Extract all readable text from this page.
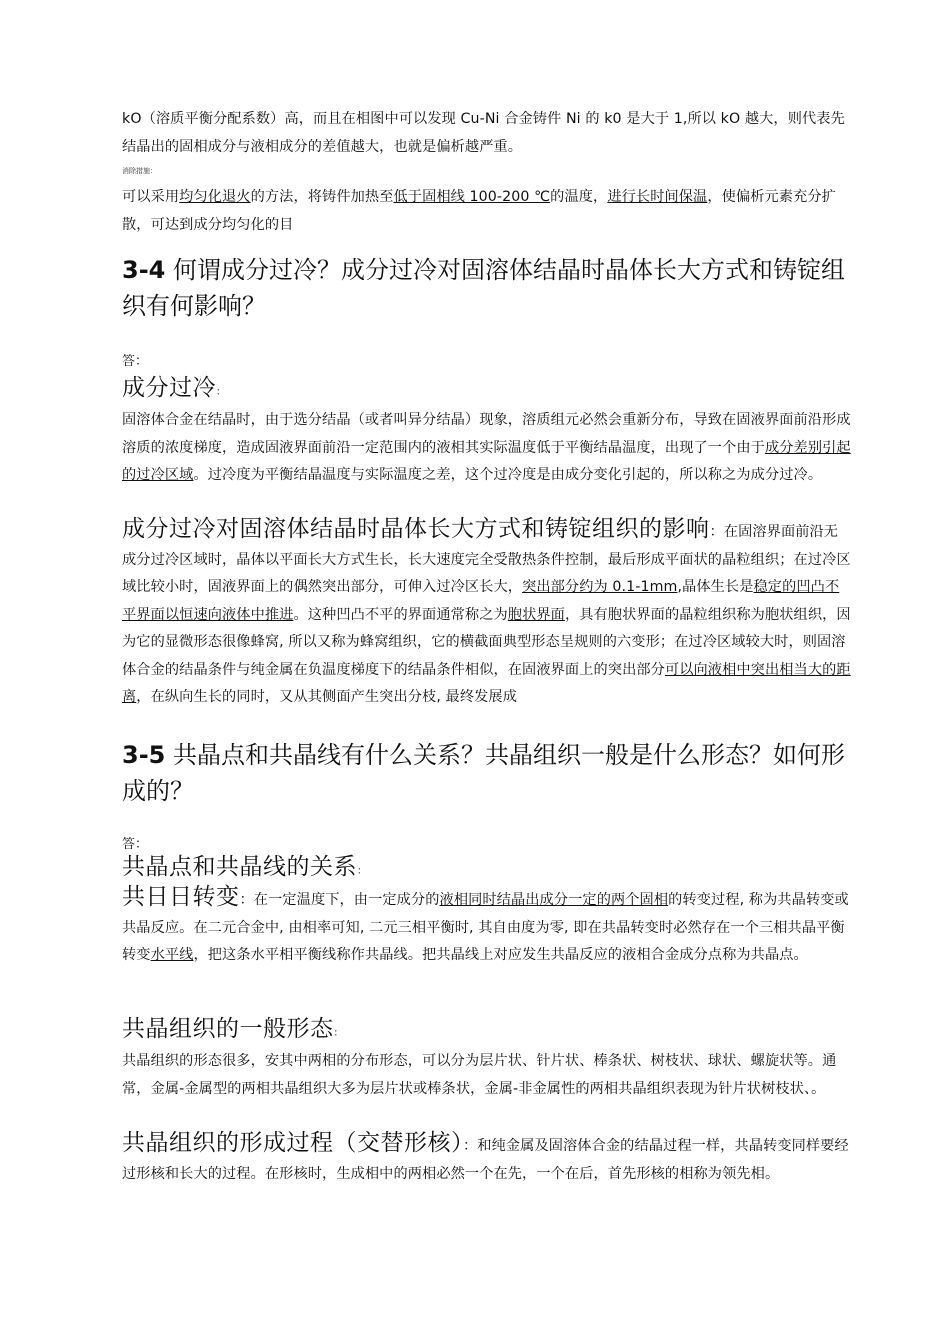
kO（溶质平衡分配系数）高，而且在相图中可以发现 Cu-Ni 合金铸件 Ni 的 k0 是大于 1,所以 kO 越大，则代表先结晶出的固相成分与液相成分的差值越大，也就是偏析越严重。
消除措施：
可以采用均匀化退火的方法，将铸件加热至低于固相线 100-200 ℃的温度，进行长时间保温，使偏析元素充分扩散，可达到成分均匀化的目
3-4 何谓成分过冷？成分过冷对固溶体结晶时晶体长大方式和铸锭组织有何影响？
答：
成分过冷：
固溶体合金在结晶时，由于选分结晶（或者叫异分结晶）现象，溶质组元必然会重新分布，导致在固液界面前沿形成溶质的浓度梯度，造成固液界面前沿一定范围内的液相其实际温度低于平衡结晶温度，出现了一个由于成分差别引起的过冷区域。过冷度为平衡结晶温度与实际温度之差，这个过冷度是由成分变化引起的，所以称之为成分过冷。
成分过冷对固溶体结晶时晶体长大方式和铸锭组织的影响：在固溶界面前沿无成分过冷区域时，晶体以平面长大方式生长，长大速度完全受散热条件控制，最后形成平面状的晶粒组织；在过冷区域比较小时，固液界面上的偶然突出部分，可伸入过冷区长大，突出部分约为 0.1-1mm,晶体生长是稳定的凹凸不平界面以恒速向液体中推进。这种凹凸不平的界面通常称之为胞状界面，具有胞状界面的晶粒组织称为胞状组织，因为它的显微形态很像蜂窝, 所以又称为蜂窝组织，它的横截面典型形态呈规则的六变形；在过冷区域较大时，则固溶体合金的结晶条件与纯金属在负温度梯度下的结晶条件相似，在固液界面上的突出部分可以向液相中突出相当大的距离，在纵向生长的同时，又从其侧面产生突出分枝, 最终发展成
3-5 共晶点和共晶线有什么关系？共晶组织一般是什么形态？如何形成的？
答：
共晶点和共晶线的关系：
共日日转变：在一定温度下，由一定成分的液相同时结晶出成分一定的两个固相的转变过程, 称为共晶转变或共晶反应。在二元合金中, 由相率可知, 二元三相平衡时, 其自由度为零, 即在共晶转变时必然存在一个三相共晶平衡转变水平线，把这条水平相平衡线称作共晶线。把共晶线上对应发生共晶反应的液相合金成分点称为共晶点。
共晶组织的一般形态：
共晶组织的形态很多，安其中两相的分布形态，可以分为层片状、针片状、棒条状、树枝状、球状、螺旋状等。通常，金属-金属型的两相共晶组织大多为层片状或棒条状，金属-非金属性的两相共晶组织表现为针片状树枝状、。
共晶组织的形成过程（交替形核）：和纯金属及固溶体合金的结晶过程一样，共晶转变同样要经过形核和长大的过程。在形核时，生成相中的两相必然一个在先，一个在后，首先形核的相称为领先相。
